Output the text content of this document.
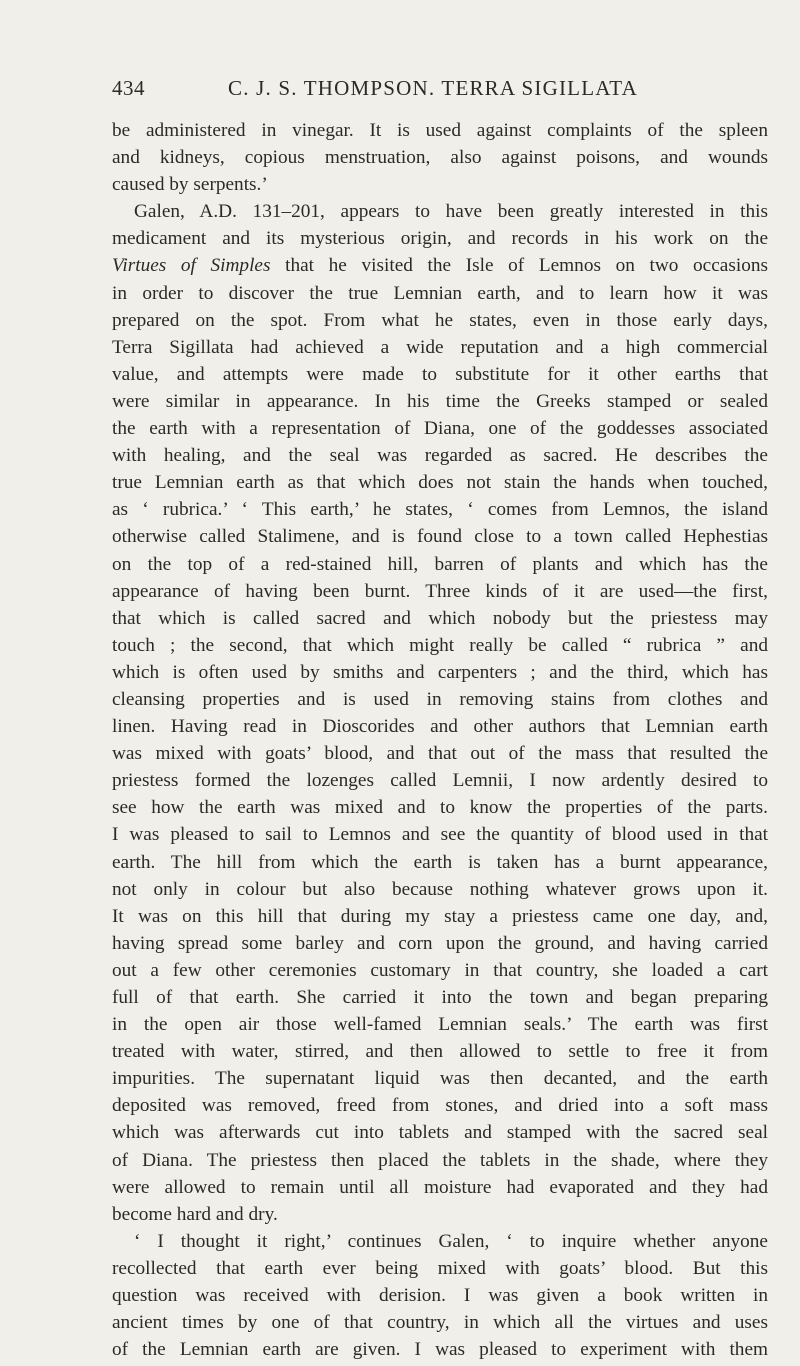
434	C. J. S. THOMPSON. TERRA SIGILLATA
be administered in vinegar. It is used against complaints of the spleen
and kidneys, copious menstruation, also against poisons, and wounds
caused by serpents.’
Galen, A.D. 131–201, appears to have been greatly interested in this
medicament and its mysterious origin, and records in his work on the
Virtues of Simples that he visited the Isle of Lemnos on two occasions
in order to discover the true Lemnian earth, and to learn how it was
prepared on the spot. From what he states, even in those early days,
Terra Sigillata had achieved a wide reputation and a high commercial
value, and attempts were made to substitute for it other earths that
were similar in appearance. In his time the Greeks stamped or sealed
the earth with a representation of Diana, one of the goddesses associated
with healing, and the seal was regarded as sacred. He describes the
true Lemnian earth as that which does not stain the hands when touched,
as ‘ rubrica.’ ‘ This earth,’ he states, ‘ comes from Lemnos, the island
otherwise called Stalimene, and is found close to a town called Hephestias
on the top of a red-stained hill, barren of plants and which has the
appearance of having been burnt. Three kinds of it are used—the first,
that which is called sacred and which nobody but the priestess may
touch ; the second, that which might really be called “ rubrica ” and
which is often used by smiths and carpenters ; and the third, which has
cleansing properties and is used in removing stains from clothes and
linen. Having read in Dioscorides and other authors that Lemnian earth
was mixed with goats’ blood, and that out of the mass that resulted the
priestess formed the lozenges called Lemnii, I now ardently desired to
see how the earth was mixed and to know the properties of the parts.
I was pleased to sail to Lemnos and see the quantity of blood used in that
earth. The hill from which the earth is taken has a burnt appearance,
not only in colour but also because nothing whatever grows upon it.
It was on this hill that during my stay a priestess came one day, and,
having spread some barley and corn upon the ground, and having carried
out a few other ceremonies customary in that country, she loaded a cart
full of that earth. She carried it into the town and began preparing
in the open air those well-famed Lemnian seals.’ The earth was first
treated with water, stirred, and then allowed to settle to free it from
impurities. The supernatant liquid was then decanted, and the earth
deposited was removed, freed from stones, and dried into a soft mass
which was afterwards cut into tablets and stamped with the sacred seal
of Diana. The priestess then placed the tablets in the shade, where they
were allowed to remain until all moisture had evaporated and they had
become hard and dry.
‘ I thought it right,’ continues Galen, ‘ to inquire whether anyone
recollected that earth ever being mixed with goats’ blood. But this
question was received with derision. I was given a book written in
ancient times by one of that country, in which all the virtues and uses
of the Lemnian earth are given. I was pleased to experiment with them
